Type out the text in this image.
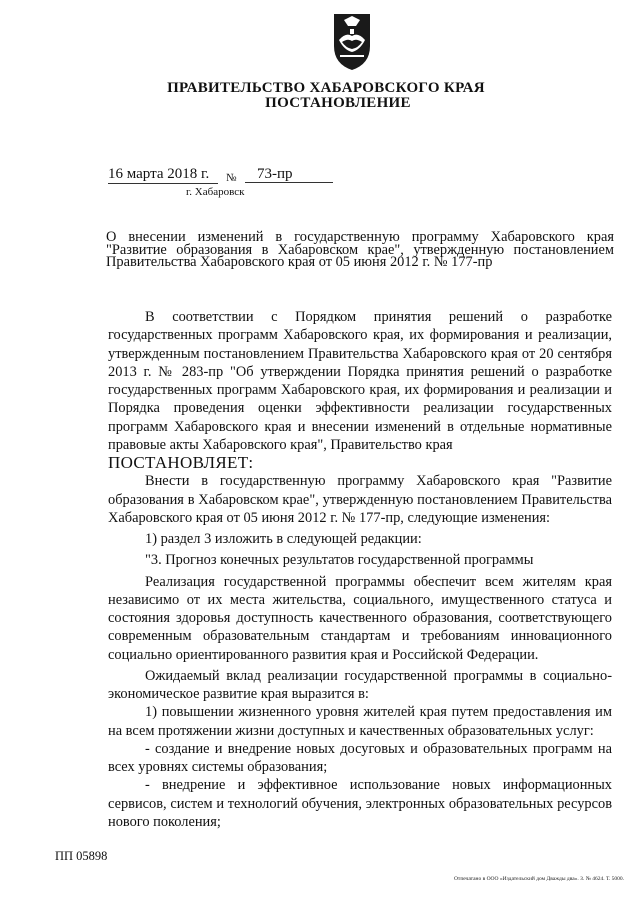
ПРАВИТЕЛЬСТВО ХАБАРОВСКОГО КРАЯ
ПОСТАНОВЛЕНИЕ
16 марта 2018 г.	№	73-пр
г. Хабаровск
О внесении изменений в государственную программу Хабаровского края "Развитие образования в Хабаровском крае", утвержденную постановлением Правительства Хабаровского края от 05 июня 2012 г. № 177-пр

В соответствии с Порядком принятия решений о разработке государственных программ Хабаровского края, их формирования и реализации, утвержденным постановлением Правительства Хабаровского края от 20 сентября 2013 г. № 283-пр "Об утверждении Порядка принятия решений о разработке государственных программ Хабаровского края, их формирования и реализации и Порядка проведения оценки эффективности реализации государственных программ Хабаровского края и внесении изменений в отдельные нормативные правовые акты Хабаровского края", Правительство края

ПОСТАНОВЛЯЕТ:

Внести в государственную программу Хабаровского края "Развитие образования в Хабаровском крае", утвержденную постановлением Правительства Хабаровского края от 05 июня 2012 г. № 177-пр, следующие изменения:

1) раздел 3 изложить в следующей редакции:

"3. Прогноз конечных результатов государственной программы

Реализация государственной программы обеспечит всем жителям края независимо от их места жительства, социального, имущественного статуса и состояния здоровья доступность качественного образования, соответствующего современным образовательным стандартам и требованиям инновационного социально ориентированного развития края и Российской Федерации.

Ожидаемый вклад реализации государственной программы в социально-экономическое развитие края выразится в:

1) повышении жизненного уровня жителей края путем предоставления им на всем протяжении жизни доступных и качественных образовательных услуг:

- создание и внедрение новых досуговых и образовательных программ на всех уровнях системы образования;

- внедрение и эффективное использование новых информационных сервисов, систем и технологий обучения, электронных образовательных ресурсов нового поколения;

ПП 05898
Отпечатано в ООО «Издательский дом Дважды два». З. № 4624. Т. 5000.
